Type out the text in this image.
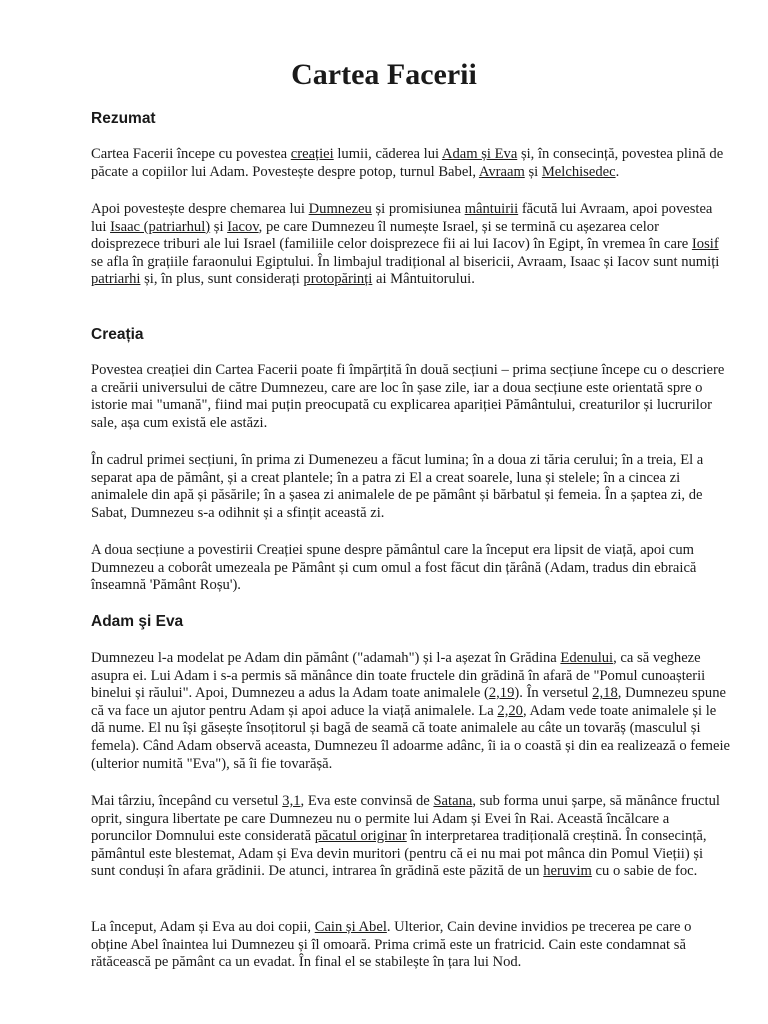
Cartea Facerii
Rezumat

Cartea Facerii începe cu povestea creației lumii, căderea lui Adam și Eva și, în consecință, povestea plină de păcate a copiilor lui Adam. Povestește despre potop, turnul Babel, Avraam și Melchisedec.

Apoi povestește despre chemarea lui Dumnezeu și promisiunea mântuirii făcută lui Avraam, apoi povestea lui Isaac (patriarhul) și Iacov, pe care Dumnezeu îl numește Israel, și se termină cu așezarea celor doisprezece triburi ale lui Israel (familiile celor doisprezece fii ai lui Iacov) în Egipt, în vremea în care Iosif se afla în grațiile faraonului Egiptului. În limbajul tradițional al bisericii, Avraam, Isaac și Iacov sunt numiți patriarhi și, în plus, sunt considerați protopărinți ai Mântuitorului.

Creația

Povestea creației din Cartea Facerii poate fi împărțită în două secțiuni – prima secțiune începe cu o descriere a creării universului de către Dumnezeu, care are loc în șase zile, iar a doua secțiune este orientată spre o istorie mai "umană", fiind mai puțin preocupată cu explicarea apariției Pământului, creaturilor și lucrurilor sale, așa cum există ele astăzi.

În cadrul primei secțiuni, în prima zi Dumenezeu a făcut lumina; în a doua zi tăria cerului; în a treia, El a separat apa de pământ, și a creat plantele; în a patra zi El a creat soarele, luna și stelele; în a cincea zi animalele din apă și păsările; în a șasea zi animalele de pe pământ și bărbatul și femeia. În a șaptea zi, de Sabat, Dumnezeu s-a odihnit și a sfințit această zi.

A doua secțiune a povestirii Creației spune despre pământul care la început era lipsit de viață, apoi cum Dumnezeu a coborât umezeala pe Pământ și cum omul a fost făcut din țărână (Adam, tradus din ebraică înseamnă 'Pământ Roșu').

Adam şi Eva

Dumnezeu l-a modelat pe Adam din pământ ("adamah") și l-a așezat în Grădina Edenului, ca să vegheze asupra ei. Lui Adam i s-a permis să mănânce din toate fructele din grădină în afară de "Pomul cunoașterii binelui și răului". Apoi, Dumnezeu a adus la Adam toate animalele (2,19). În versetul 2,18, Dumnezeu spune că va face un ajutor pentru Adam și apoi aduce la viață animalele. La 2,20, Adam vede toate animalele și le dă nume. El nu își găsește însoțitorul și bagă de seamă că toate animalele au câte un tovarăș (masculul și femela). Când Adam observă aceasta, Dumnezeu îl adoarme adânc, îi ia o coastă și din ea realizează o femeie (ulterior numită "Eva"), să îi fie tovarășă.

Mai târziu, începând cu versetul 3,1, Eva este convinsă de Satana, sub forma unui șarpe, să mănânce fructul oprit, singura libertate pe care Dumnezeu nu o permite lui Adam și Evei în Rai. Această încălcare a poruncilor Domnului este considerată păcatul originar în interpretarea tradițională creștină. În consecință, pământul este blestemat, Adam și Eva devin muritori (pentru că ei nu mai pot mânca din Pomul Vieții) și sunt conduși în afara grădinii. De atunci, intrarea în grădină este păzită de un heruvim cu o sabie de foc.

La început, Adam și Eva au doi copii, Cain și Abel. Ulterior, Cain devine invidios pe trecerea pe care o obține Abel înaintea lui Dumnezeu și îl omoară. Prima crimă este un fratricid. Cain este condamnat să rătăcească pe pământ ca un evadat. În final el se stabilește în țara lui Nod.
